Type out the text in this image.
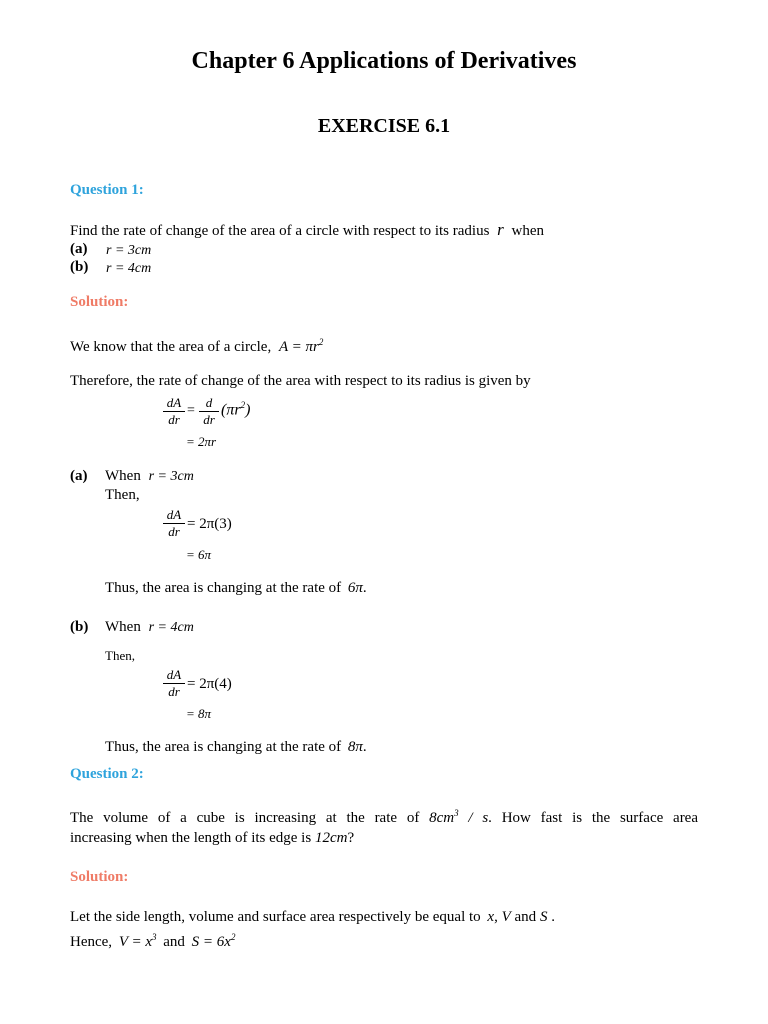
Chapter 6 Applications of Derivatives
EXERCISE 6.1
Question 1:
Find the rate of change of the area of a circle with respect to its radius r when
(a) r = 3cm
(b) r = 4cm
Solution:
We know that the area of a circle, $A = \pi r^2$
Therefore, the rate of change of the area with respect to its radius is given by
dA
dr
=
d
dr
$(\pi r^2)$
= 2πr
(a) When r = 3cm
Then,
dA
dr = 2π(3)
= 6π
Thus, the area is changing at the rate of 6π.
(b) When r = 4cm
Then,
dA
dr = 2π(4)
= 8π
Thus, the area is changing at the rate of 8π.
Question 2:
The volume of a cube is increasing at the rate of $8cm^3$ / s. How fast is the surface area
increasing when the length of its edge is 12cm?
Solution:
Let the side length, volume and surface area respectively be equal to x, V and S .
Hence, $V = x^3$ and $S = 6x^2$
